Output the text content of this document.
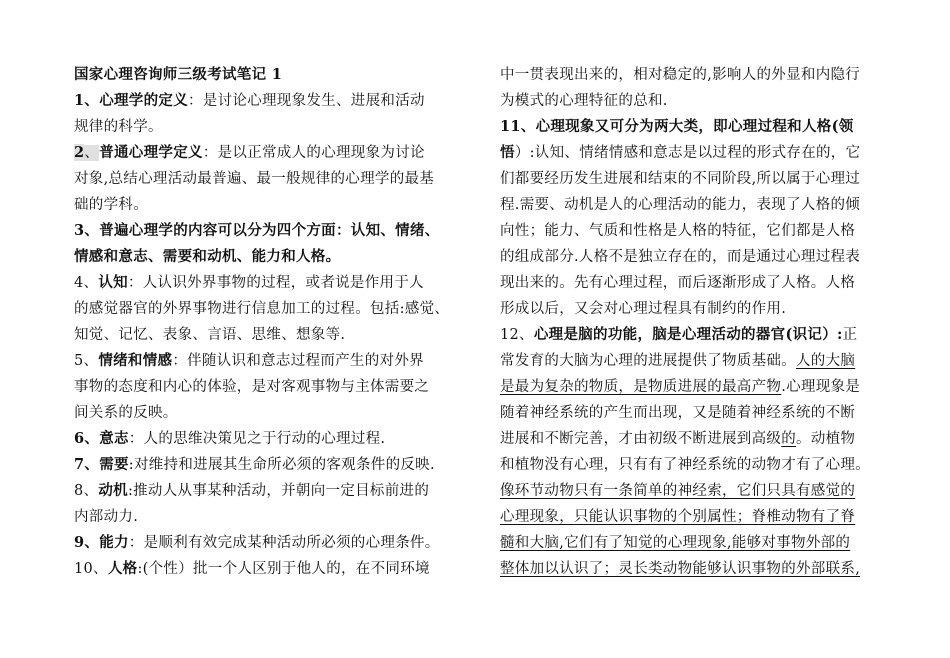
国家心理咨询师三级考试笔记 1
1、心理学的定义：是讨论心理现象发生、进展和活动
规律的科学。
2、普通心理学定义：是以正常成人的心理现象为讨论
对象,总结心理活动最普遍、最一般规律的心理学的最基
础的学科。
3、普遍心理学的内容可以分为四个方面：认知、情绪、
情感和意志、需要和动机、能力和人格。
4、认知：人认识外界事物的过程，或者说是作用于人
的感觉器官的外界事物进行信息加工的过程。包括:感觉、
知觉、记忆、表象、言语、思维、想象等.
5、情绪和情感：伴随认识和意志过程而产生的对外界
事物的态度和内心的体验，是对客观事物与主体需要之
间关系的反映。
6、意志：人的思维决策见之于行动的心理过程.
7、需要:对维持和进展其生命所必须的客观条件的反映.
8、动机:推动人从事某种活动，并朝向一定目标前进的
内部动力.
9、能力：是顺利有效完成某种活动所必须的心理条件。
10、人格:(个性）批一个人区别于他人的，在不同环境
中一贯表现出来的，相对稳定的,影响人的外显和内隐行
为模式的心理特征的总和.
11、心理现象又可分为两大类，即心理过程和人格(领
悟）:认知、情绪情感和意志是以过程的形式存在的，它
们都要经历发生进展和结束的不同阶段,所以属于心理过
程.需要、动机是人的心理活动的能力，表现了人格的倾
向性；能力、气质和性格是人格的特征，它们都是人格
的组成部分.人格不是独立存在的，而是通过心理过程表
现出来的。先有心理过程，而后逐渐形成了人格。人格
形成以后，又会对心理过程具有制约的作用.
12、心理是脑的功能，脑是心理活动的器官(识记）:正
常发育的大脑为心理的进展提供了物质基础。人的大脑
是最为复杂的物质，是物质进展的最高产物.心理现象是
随着神经系统的产生而出现，又是随着神经系统的不断
进展和不断完善，才由初级不断进展到高级的。动植物
和植物没有心理，只有有了神经系统的动物才有了心理。
像环节动物只有一条简单的神经索，它们只具有感觉的
心理现象，只能认识事物的个别属性；脊椎动物有了脊
髓和大脑,它们有了知觉的心理现象,能够对事物外部的
整体加以认识了；灵长类动物能够认识事物的外部联系,
